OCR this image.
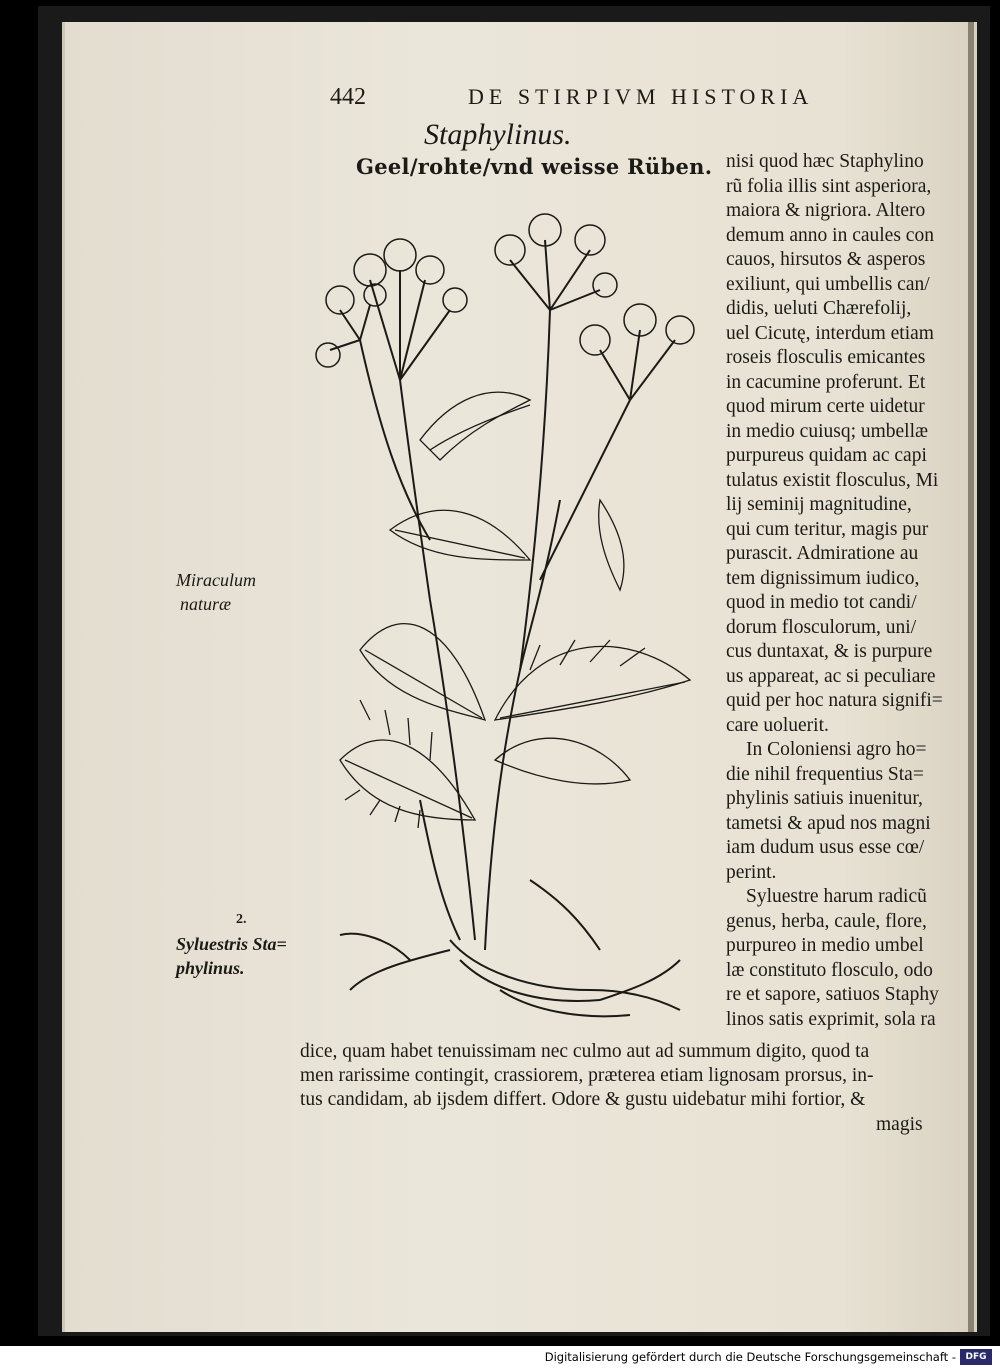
442	DE STIRPIVM HISTORIA
Staphylinus.
Geel/rohte/vnd weisse Rüben. nisi quod hæc Staphylino
rũ folia illis sint asperiora,
maiora & nigriora. Altero
demum anno in caules con
cauos, hirsutos & asperos
exiliunt, qui umbellis can/
didis, ueluti Chærefolij,
uel Cicutę, interdum etiam
roseis flosculis emicantes
in cacumine proferunt. Et
quod mirum certe uidetur
in medio cuiusq; umbellæ
purpureus quidam ac capi
tulatus existit flosculus, Mi
lij seminij magnitudine,
qui cum teritur, magis pur
purascit. Admiratione au
tem dignissimum iudico,
quod in medio tot candi/
dorum flosculorum, uni/
cus duntaxat, & is purpure
us appareat, ac si peculiare
quid per hoc natura signifi=
care uoluerit.
In Coloniensi agro ho=
die nihil frequentius Sta=
phylinis satiuis inuenitur,
tametsi & apud nos magni
iam dudum usus esse cœ/
perint.
Syluestre harum radicũ
genus, herba, caule, flore,
purpureo in medio umbel
læ constituto flosculo, odo
re et sapore, satiuos Staphy
linos satis exprimit, sola ra
dice, quam habet tenuissimam nec culmo aut ad summum digito, quod ta
men rarissime contingit, crassiorem, præterea etiam lignosam prorsus, in-
tus candidam, ab ijsdem differt. Odore & gustu uidebatur mihi fortior, &
magis
Miraculum
naturæ
2.
Syluestris Sta=
phylinus.
Digitalisierung gefördert durch die Deutsche Forschungsgemeinschaft -	DFG
